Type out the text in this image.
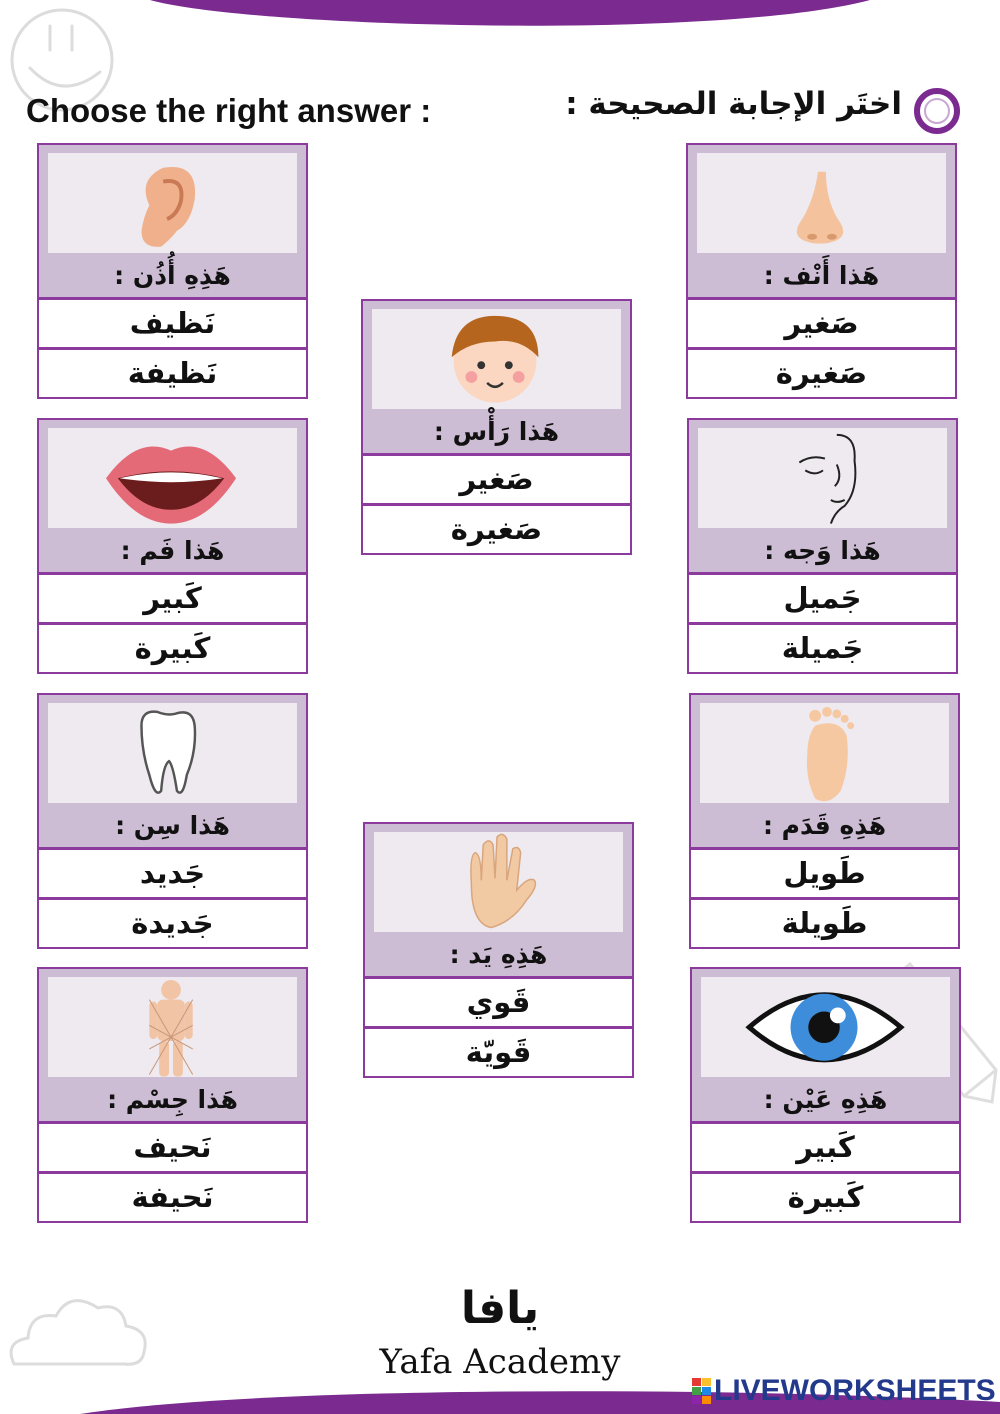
Choose the right answer :	اختَر الإجابة الصحيحة :
هَذا أَنْف :
صَغير
صَغيرة
هَذِهِ أُذُن :
نَظيف
نَظيفة
هَذا رَأْس :
صَغير
صَغيرة
هَذا وَجه :
جَميل
جَميلة
هَذا فَم :
كَبير
كَبيرة
هَذِهِ قَدَم :
طَويل
طَويلة
هَذا سِن :
جَديد
جَديدة
هَذِهِ يَد :
قَوي
قَويّة
هَذِهِ عَيْن :
كَبير
كَبيرة
هَذا جِسْم :
نَحيف
نَحيفة
يافا
Yafa Academy
LIVEWORKSHEETS
